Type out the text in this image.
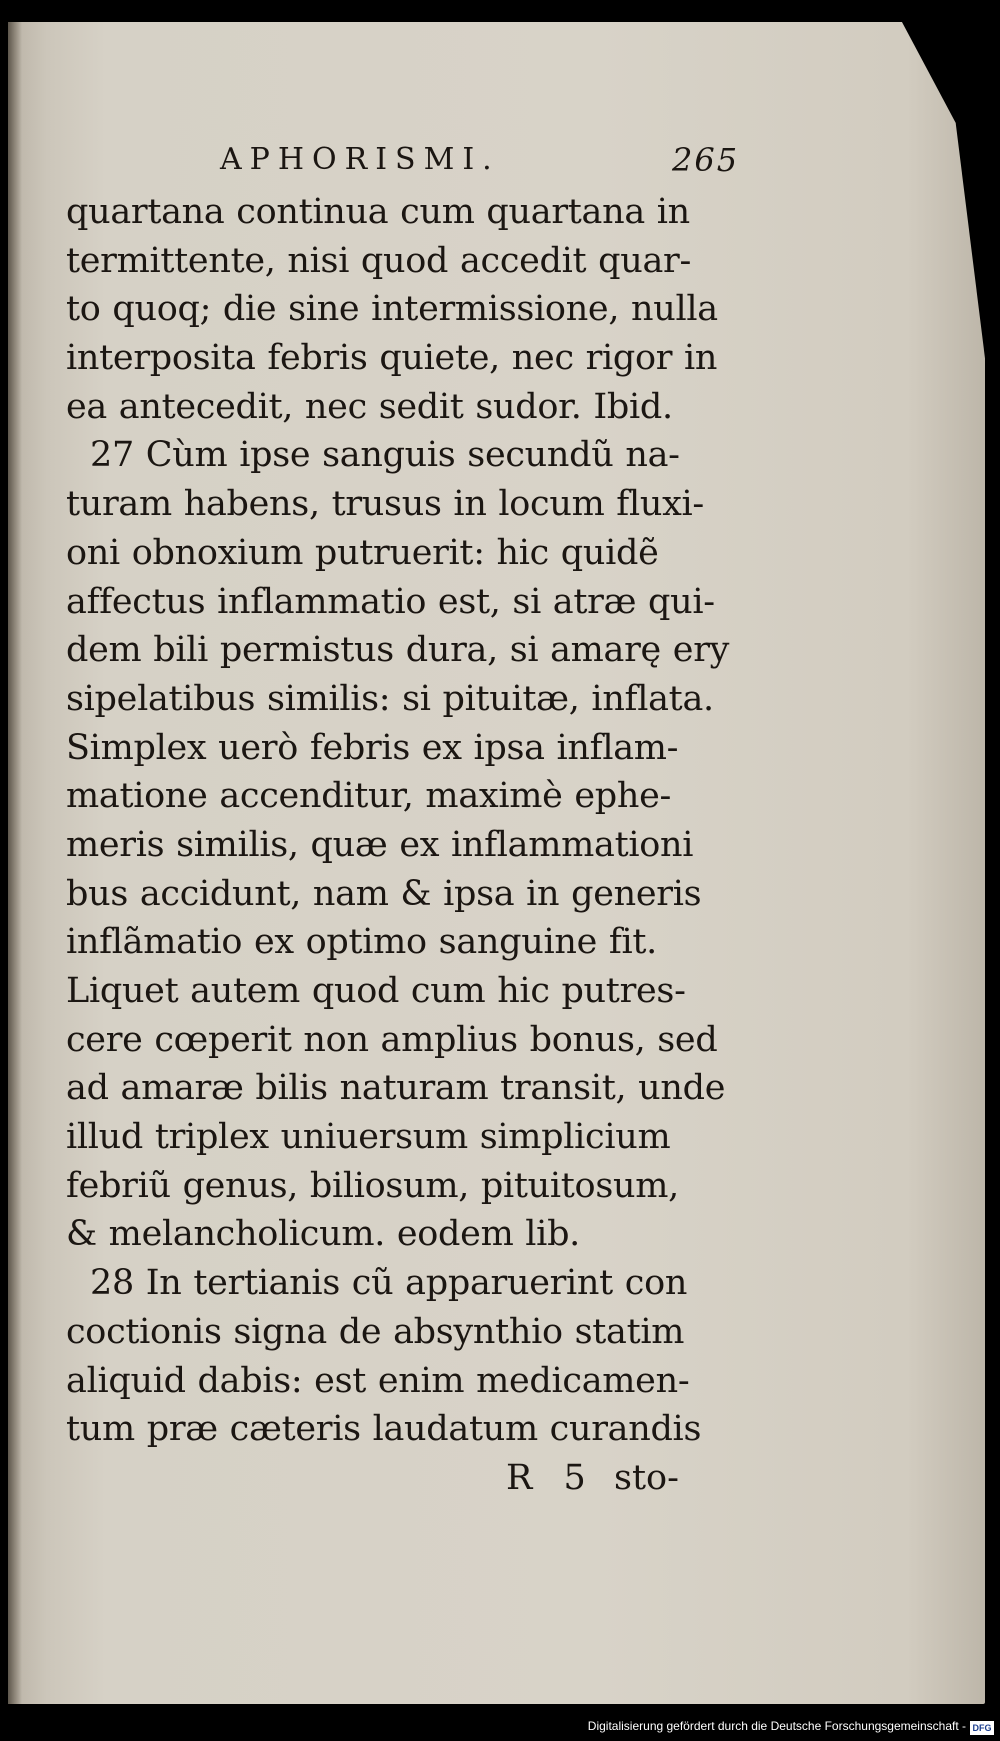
APHORISMI.	265
quartana continua cum quartana in
termittente, nisi quod accedit quar-
to quoq; die sine intermissione, nulla
interposita febris quiete, nec rigor in
ea antecedit, nec sedit sudor. Ibid.
27 Cùm ipse sanguis secundũ na-
turam habens, trusus in locum fluxi-
oni obnoxium putruerit: hic quidẽ
affectus inflammatio est, si atræ qui-
dem bili permistus dura, si amarę ery
sipelatibus similis: si pituitæ, inflata.
Simplex uerò febris ex ipsa inflam-
matione accenditur, maximè ephe-
meris similis, quæ ex inflammationi
bus accidunt, nam & ipsa in generis
inflãmatio ex optimo sanguine fit.
Liquet autem quod cum hic putres-
cere cœperit non amplius bonus, sed
ad amaræ bilis naturam transit, unde
illud triplex uniuersum simplicium
febriũ genus, biliosum, pituitosum,
& melancholicum. eodem lib.
28 In tertianis cũ apparuerint con
coctionis signa de absynthio statim
aliquid dabis: est enim medicamen-
tum præ cæteris laudatum curandis
R 5 sto-
Digitalisierung gefördert durch die Deutsche Forschungsgemeinschaft - DFG
